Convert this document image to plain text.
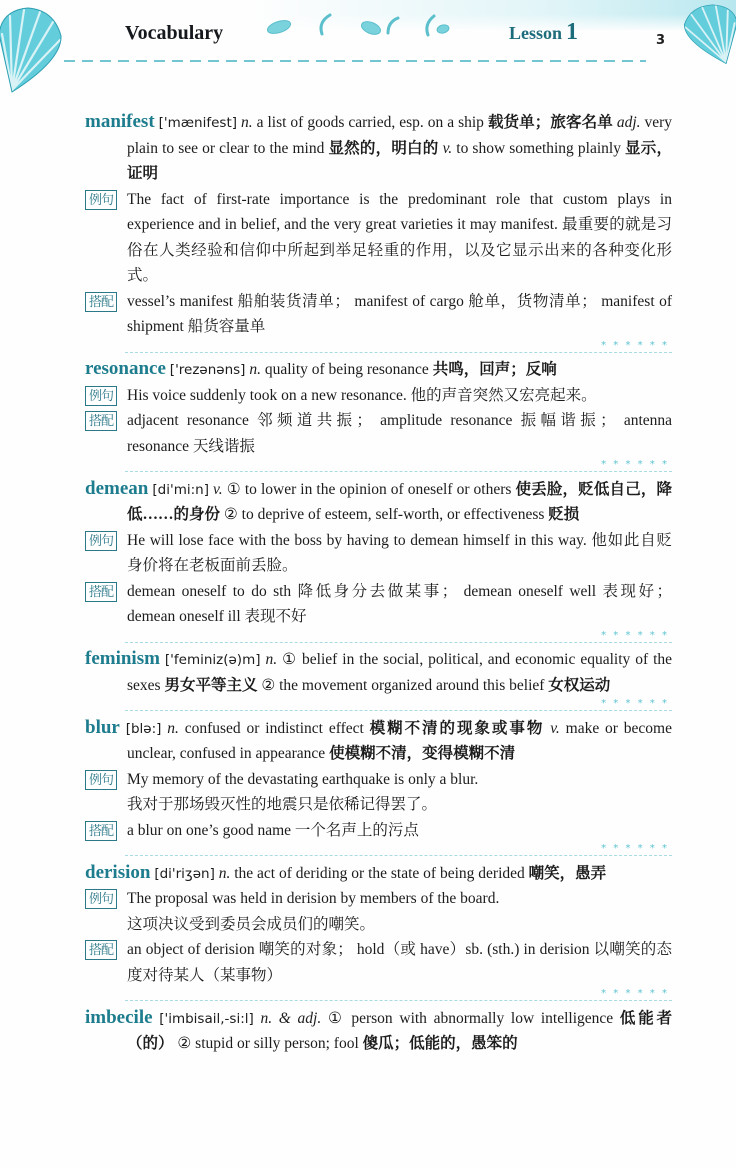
Vocabulary	Lesson 1	3
manifest ['mænifest] n. a list of goods carried, esp. on a ship 载货单；旅客名单 adj. very plain to see or clear to the mind 显然的，明白的 v. to show something plainly 显示，证明
例句 The fact of first-rate importance is the predominant role that custom plays in experience and in belief, and the very great varieties it may manifest. 最重要的就是习俗在人类经验和信仰中所起到举足轻重的作用，以及它显示出来的各种变化形式。
搭配 vessel’s manifest 船舶装货清单； manifest of cargo 舱单，货物清单； manifest of shipment 船货容量单
* * * * * *
resonance ['rezənəns] n. quality of being resonance 共鸣，回声；反响
例句 His voice suddenly took on a new resonance. 他的声音突然又宏亮起来。
搭配 adjacent resonance 邻频道共振； amplitude resonance 振幅谐振； antenna resonance 天线谐振
* * * * * *
demean [di'mi:n] v. ① to lower in the opinion of oneself or others 使丢脸，贬低自己，降低……的身份 ② to deprive of esteem, self-worth, or effectiveness 贬损
例句 He will lose face with the boss by having to demean himself in this way. 他如此自贬身价将在老板面前丢脸。
搭配 demean oneself to do sth 降低身分去做某事； demean oneself well 表现好； demean oneself ill 表现不好
* * * * * *
feminism ['feminiz(ə)m] n. ① belief in the social, political, and economic equality of the sexes 男女平等主义 ② the movement organized around this belief 女权运动
* * * * * *
blur [blə:] n. confused or indistinct effect 模糊不清的现象或事物 v. make or become unclear, confused in appearance 使模糊不清，变得模糊不清
例句 My memory of the devastating earthquake is only a blur.
我对于那场毁灭性的地震只是依稀记得罢了。
搭配 a blur on one’s good name 一个名声上的污点
* * * * * *
derision [di'riʒən] n. the act of deriding or the state of being derided 嘲笑，愚弄
例句 The proposal was held in derision by members of the board.
这项决议受到委员会成员们的嘲笑。
搭配 an object of derision 嘲笑的对象； hold（或 have）sb. (sth.) in derision 以嘲笑的态度对待某人（某事物）
* * * * * *
imbecile ['imbisail,-si:l] n. & adj. ① person with abnormally low intelligence 低能者（的） ② stupid or silly person; fool 傻瓜；低能的，愚笨的
